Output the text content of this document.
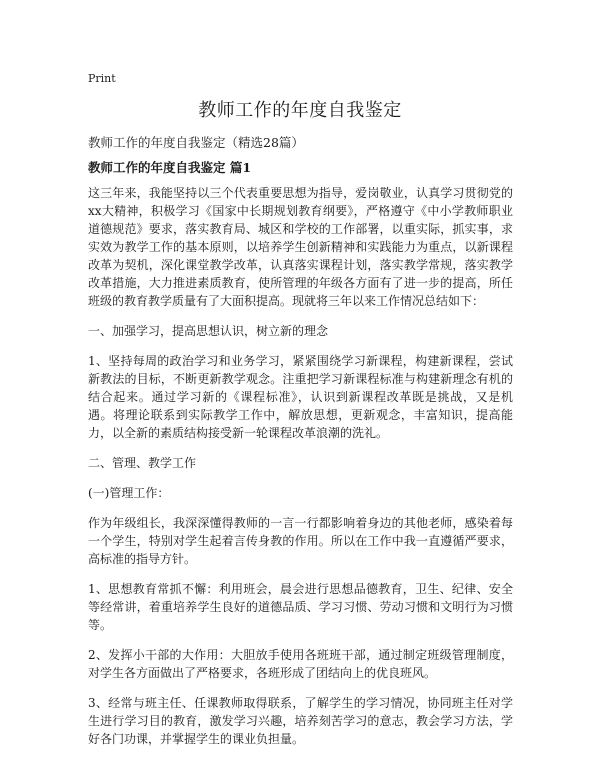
Print
教师工作的年度自我鉴定
教师工作的年度自我鉴定（精选28篇）
教师工作的年度自我鉴定 篇1

这三年来，我能坚持以三个代表重要思想为指导，爱岗敬业，认真学习贯彻党的xx大精神，积极学习《国家中长期规划教育纲要》，严格遵守《中小学教师职业道德规范》要求，落实教育局、城区和学校的工作部署，以重实际，抓实事，求实效为教学工作的基本原则，以培养学生创新精神和实践能力为重点，以新课程改革为契机，深化课堂教学改革，认真落实课程计划，落实教学常规，落实教学改革措施，大力推进素质教育，使所管理的年级各方面有了进一步的提高，所任班级的教育教学质量有了大面积提高。现就将三年以来工作情况总结如下：

一、加强学习，提高思想认识，树立新的理念

1、坚持每周的政治学习和业务学习，紧紧围绕学习新课程，构建新课程，尝试新教法的目标，不断更新教学观念。注重把学习新课程标准与构建新理念有机的结合起来。通过学习新的《课程标准》，认识到新课程改革既是挑战，又是机遇。将理论联系到实际教学工作中，解放思想，更新观念，丰富知识，提高能力，以全新的素质结构接受新一轮课程改革浪潮的洗礼。

二、管理、教学工作

(一)管理工作：

作为年级组长，我深深懂得教师的一言一行都影响着身边的其他老师，感染着每一个学生，特别对学生起着言传身教的作用。所以在工作中我一直遵循严要求，高标准的指导方针。

1、思想教育常抓不懈：利用班会，晨会进行思想品德教育，卫生、纪律、安全等经常讲，着重培养学生良好的道德品质、学习习惯、劳动习惯和文明行为习惯等。

2、发挥小干部的大作用：大胆放手使用各班班干部，通过制定班级管理制度，对学生各方面做出了严格要求，各班形成了团结向上的优良班风。

3、经常与班主任、任课教师取得联系，了解学生的学习情况，协同班主任对学生进行学习目的教育，激发学习兴趣，培养刻苦学习的意志，教会学习方法，学好各门功课，并掌握学生的课业负担量。
